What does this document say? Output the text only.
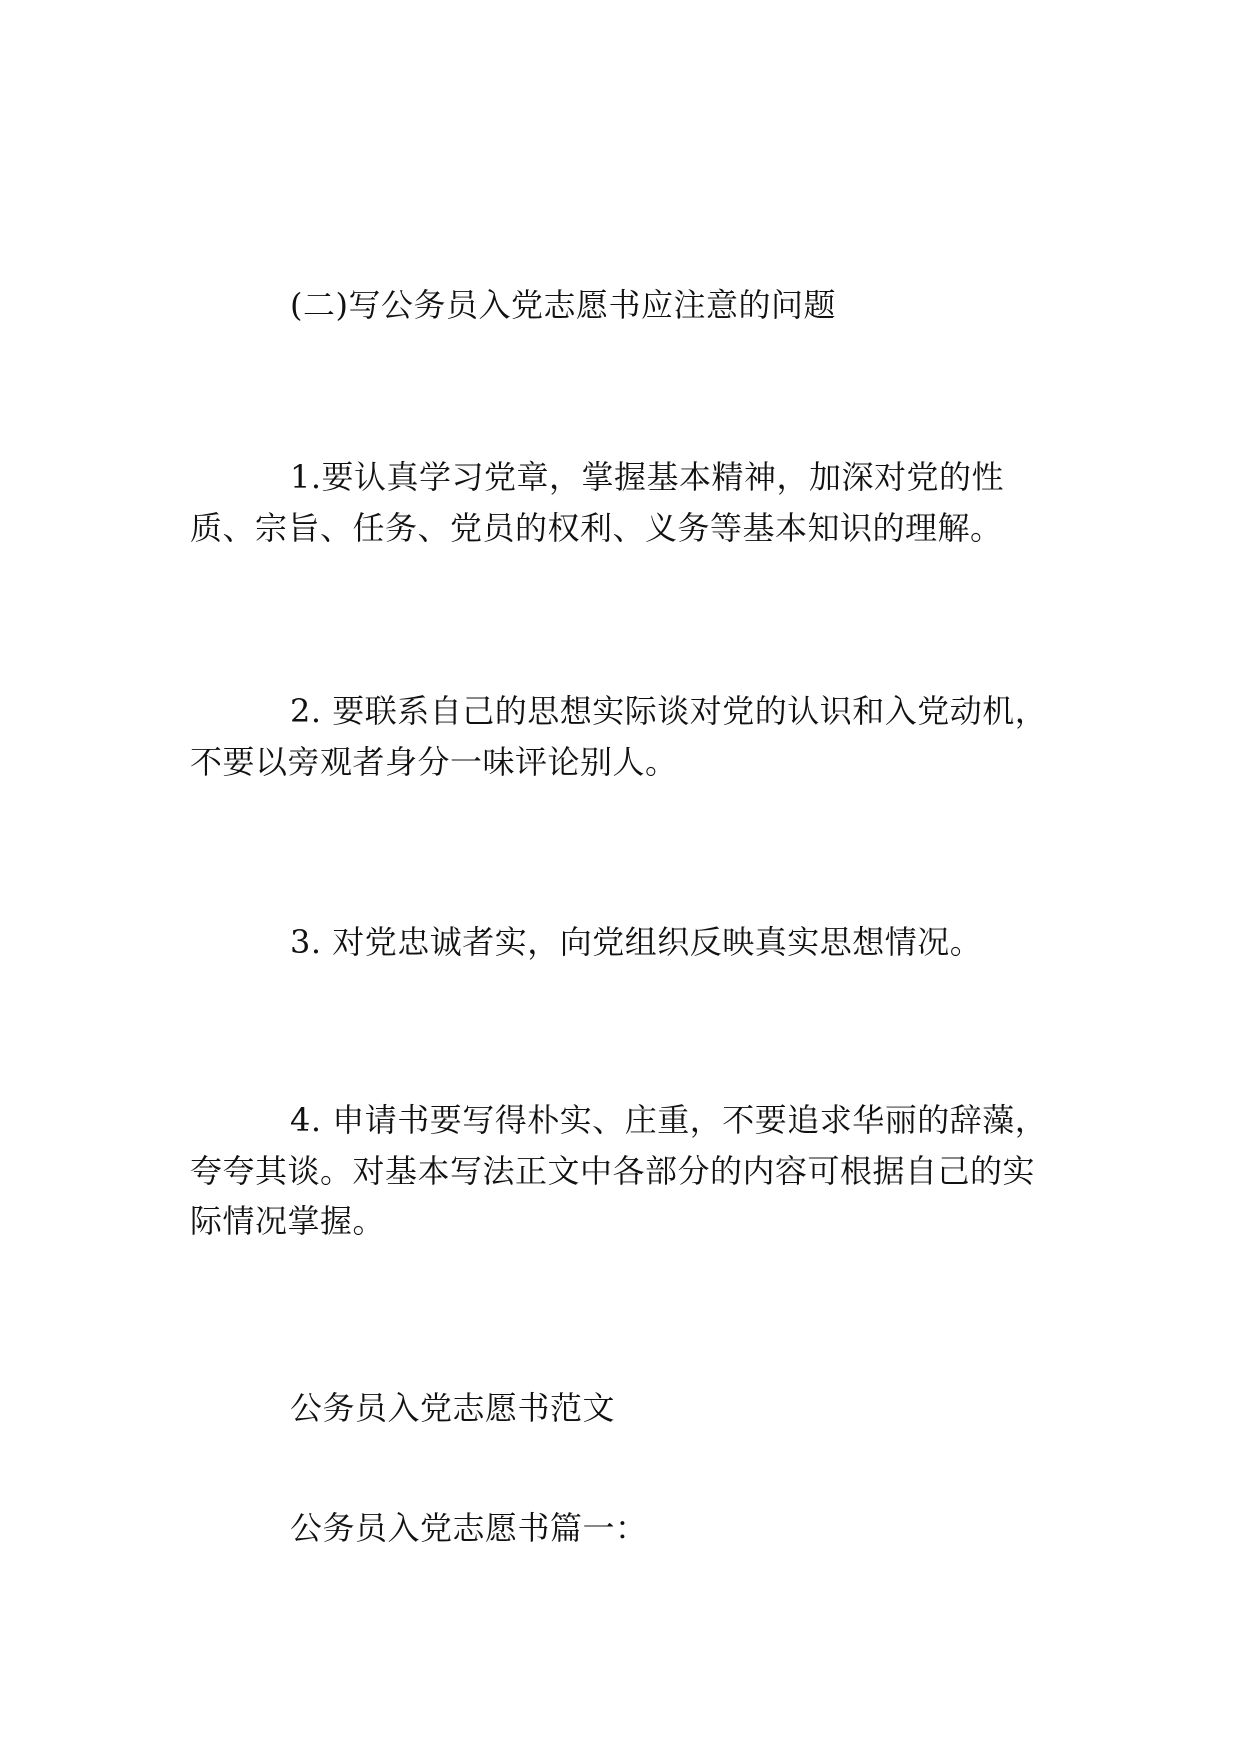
(二)写公务员入党志愿书应注意的问题
1.要认真学习党章，掌握基本精神，加深对党的性质、宗旨、任务、党员的权利、义务等基本知识的理解。
2. 要联系自己的思想实际谈对党的认识和入党动机，不要以旁观者身分一味评论别人。
3. 对党忠诚者实，向党组织反映真实思想情况。
4. 申请书要写得朴实、庄重，不要追求华丽的辞藻，夸夸其谈。对基本写法正文中各部分的内容可根据自己的实际情况掌握。
公务员入党志愿书范文
公务员入党志愿书篇一：
